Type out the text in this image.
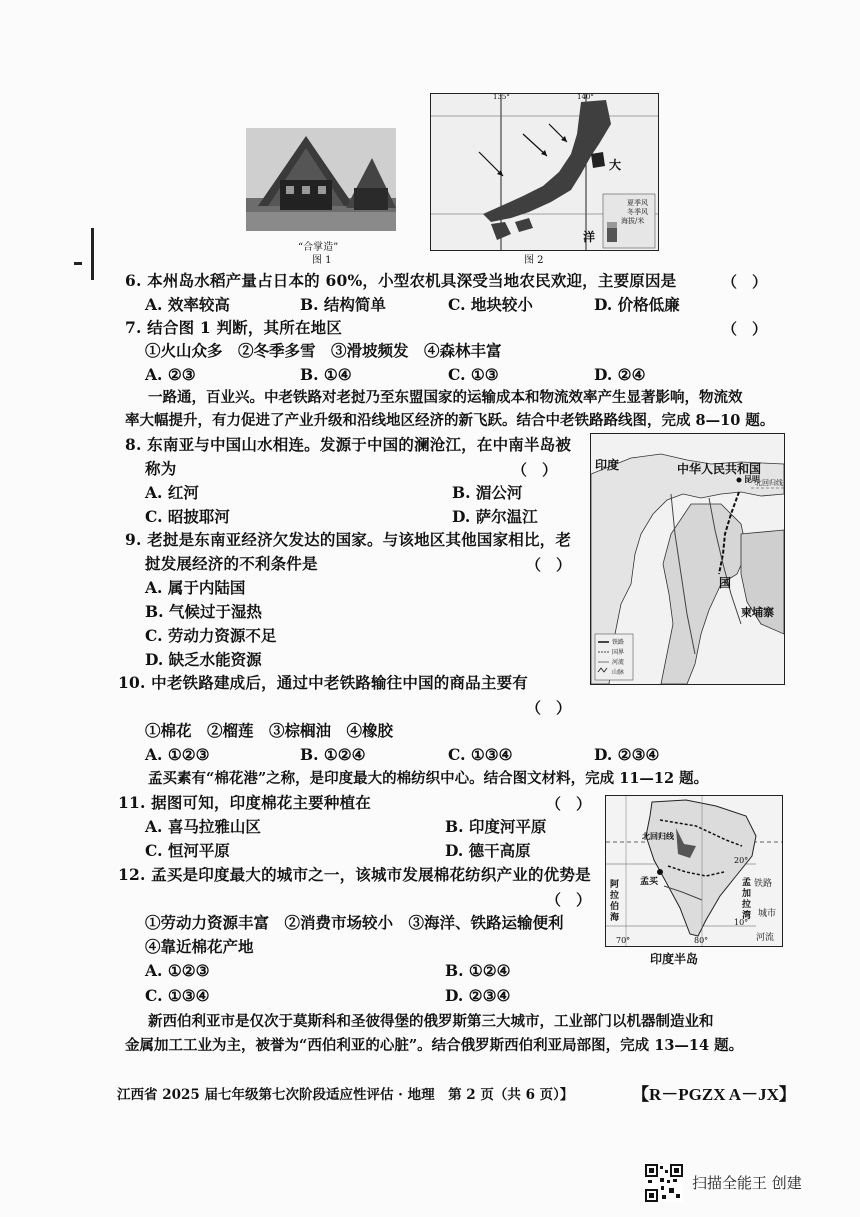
“合掌造”
图 1
135°	140°
大
洋
夏季风
冬季风
海拔/米
图 2
6. 本州岛水稻产量占日本的 60%，小型农机具深受当地农民欢迎，主要原因是	（　）
A. 效率较高	B. 结构简单	C. 地块较小	D. 价格低廉
7. 结合图 1 判断，其所在地区	（　）
①火山众多　②冬季多雪　③滑坡频发　④森林丰富
A. ②③	B. ①④	C. ①③	D. ②④
一路通，百业兴。中老铁路对老挝乃至东盟国家的运输成本和物流效率产生显著影响，物流效
率大幅提升，有力促进了产业升级和沿线地区经济的新飞跃。结合中老铁路路线图，完成 8—10 题。
8. 东南亚与中国山水相连。发源于中国的澜沧江，在中南半岛被
称为	（　）
A. 红河	B. 湄公河
C. 昭披耶河	D. 萨尔温江
印度	中华人民共和国
昆明
北回归线
国
柬埔寨
铁路
国界
河流
山脉
9. 老挝是东南亚经济欠发达的国家。与该地区其他国家相比，老
挝发展经济的不利条件是	（　）
A. 属于内陆国
B. 气候过于湿热
C. 劳动力资源不足
D. 缺乏水能资源
10. 中老铁路建成后，通过中老铁路输往中国的商品主要有
（　）
①棉花　②榴莲　③棕榈油　④橡胶
A. ①②③	B. ①②④	C. ①③④	D. ②③④
孟买素有“棉花港”之称，是印度最大的棉纺织中心。结合图文材料，完成 11—12 题。
11. 据图可知，印度棉花主要种植在	（　）
A. 喜马拉雅山区	B. 印度河平原
C. 恒河平原	D. 德干高原
北回归线
孟买
20°
10°
70°	80°
阿拉伯海
孟加拉湾
铁路
城市
河流
印度半岛
12. 孟买是印度最大的城市之一，该城市发展棉花纺织产业的优势是
（　）
①劳动力资源丰富　②消费市场较小　③海洋、铁路运输便利
④靠近棉花产地
A. ①②③	B. ①②④
C. ①③④	D. ②③④
新西伯利亚市是仅次于莫斯科和圣彼得堡的俄罗斯第三大城市，工业部门以机器制造业和
金属加工工业为主，被誉为“西伯利亚的心脏”。结合俄罗斯西伯利亚局部图，完成 13—14 题。
江西省 2025 届七年级第七次阶段适应性评估 · 地理　第 2 页（共 6 页）】	【R－PGZX A－JX】
扫描全能王 创建
